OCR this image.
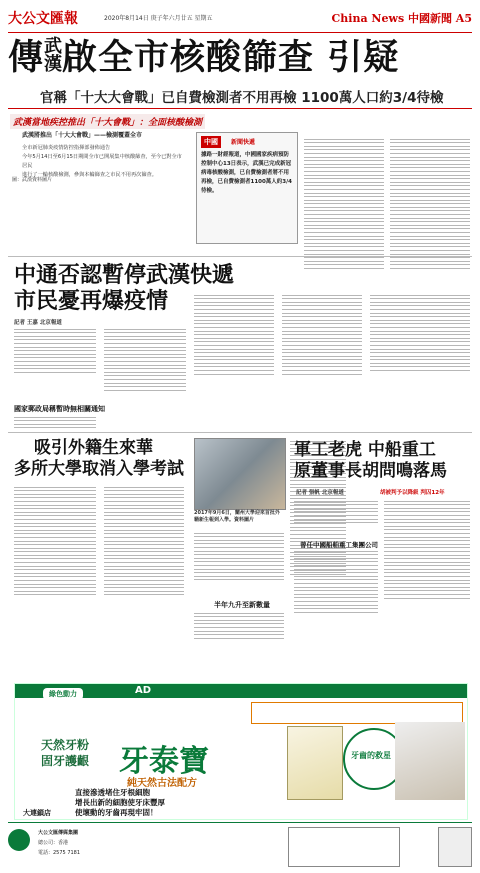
大公文匯報	2020年8月14日 庚子年六月廿五 星期五	China News 中國新聞 A5
傳武漢啟全市核酸篩查 引疑
官稱「十大大會戰」已自費檢測者不用再檢 1100萬人口約3/4待檢
武漢當地疾控推出「十大會戰」：全面核酸檢測
武漢將推出「十大大會戰」——檢測覆蓋全市
全市新冠肺炎疫情防控指揮部發佈通告
今年5月14日至6月15日期間全市已開展集中核酸篩查，至今已對全市居民
進行了一輪核酸檢測，參與本輪篩查之市民不用再次篩查。
圖：武漢資料圖片
中國	新聞快遞
據路一財經報道，中國國家疾病預防控制中心13日表示，武漢已完成新冠病毒核酸檢測，已自費檢測者將不用再檢，已自費檢測者1100萬人約3/4待檢。
中通否認暫停武漢快遞
市民憂再爆疫情
記者 王嘉 北京報道
國家郵政局稱暫時無相關通知
吸引外籍生來華
多所大學取消入學考試
2017年9月6日，蘭州大學迎來首批外籍新生報到入學。資料圖片
半年九升至新數量
軍工老虎 中船重工
原董事長胡問鳴落馬
記者 張帆 北京報道	胡被判予以降級 判囚12年
曾任中國船舶重工集團公司
綠色動力	AD
天然牙粉
固牙護齦 牙泰寶
純天然古法配方
直接滲透堵住牙根細胞
增長出新的細胞使牙床豐厚
使壞動的牙齒再現牢固！
牙齒的救星
大連鎖店
大公文匯傳媒集團
總公司：香港
電話：2575 7181
